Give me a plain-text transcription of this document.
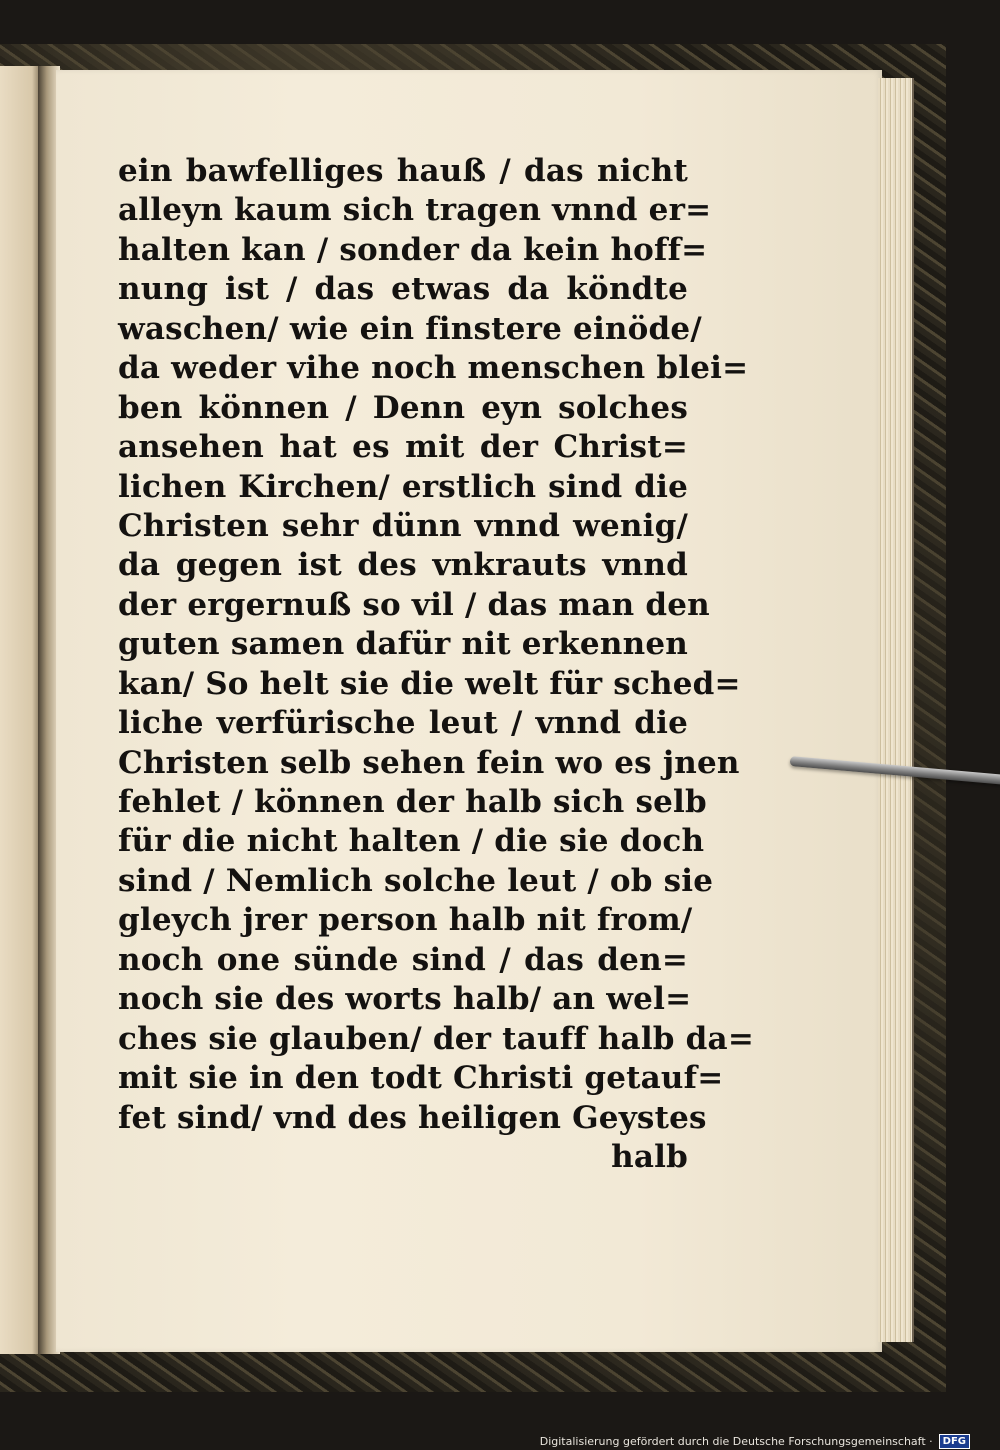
ein bawfelliges hauß / das nicht
alleyn kaum sich tragen vnnd er=
halten kan / sonder da kein hoff=
nung ist / das etwas da köndte
waschen/ wie ein finstere einöde/
da weder vihe noch menschen blei=
ben können / Denn eyn solches
ansehen hat es mit der Christ=
lichen Kirchen/ erstlich sind die
Christen sehr dünn vnnd wenig/
da gegen ist des vnkrauts vnnd
der ergernuß so vil / das man den
guten samen dafür nit erkennen
kan/ So helt sie die welt für sched=
liche verfürische leut / vnnd die
Christen selb sehen fein wo es jnen
fehlet / können der halb sich selb
für die nicht halten / die sie doch
sind / Nemlich solche leut / ob sie
gleych jrer person halb nit from/
noch one sünde sind / das den=
noch sie des worts halb/ an wel=
ches sie glauben/ der tauff halb da=
mit sie in den todt Christi getauf=
fet sind/ vnd des heiligen Geystes
halb
Digitalisierung gefördert durch die Deutsche Forschungsgemeinschaft ·	DFG
